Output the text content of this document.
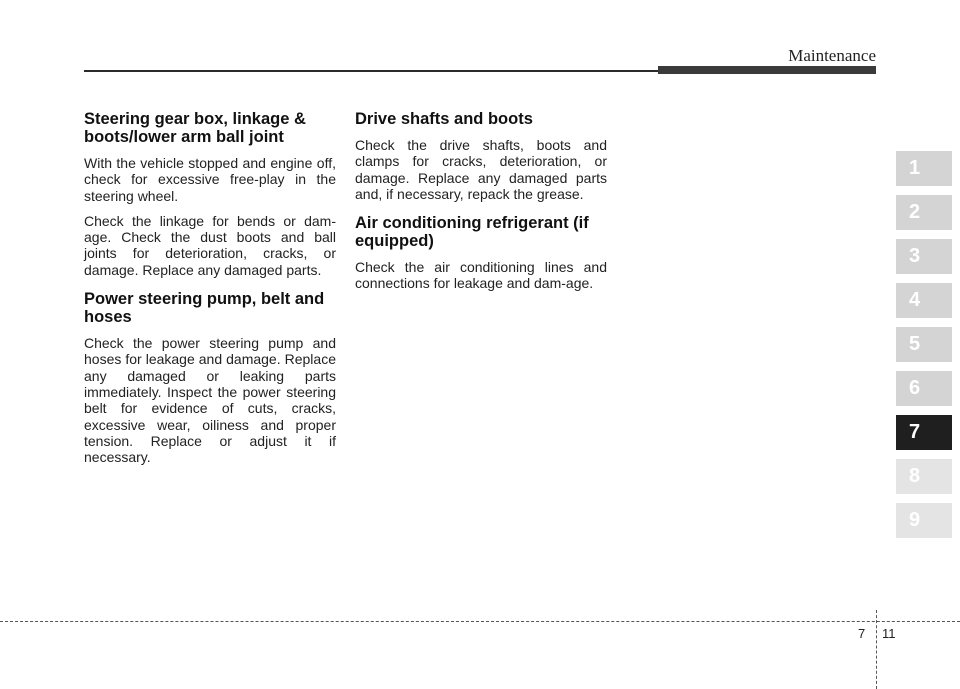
Maintenance
Steering gear box, linkage & boots/lower arm ball joint

With the vehicle stopped and engine off, check for excessive free-play in the steering wheel.

Check the linkage for bends or dam-age. Check the dust boots and ball joints for deterioration, cracks, or damage. Replace any damaged parts.

Power steering pump, belt and hoses

Check the power steering pump and hoses for leakage and damage. Replace any damaged or leaking parts immediately. Inspect the power steering belt for evidence of cuts, cracks, excessive wear, oiliness and proper tension. Replace or adjust it if necessary.

Drive shafts and boots

Check the drive shafts, boots and clamps for cracks, deterioration, or damage. Replace any damaged parts and, if necessary, repack the grease.

Air conditioning refrigerant (if equipped)

Check the air conditioning lines and connections for leakage and dam-age.

1
2
3
4
5
6
7
8
9
7 11
